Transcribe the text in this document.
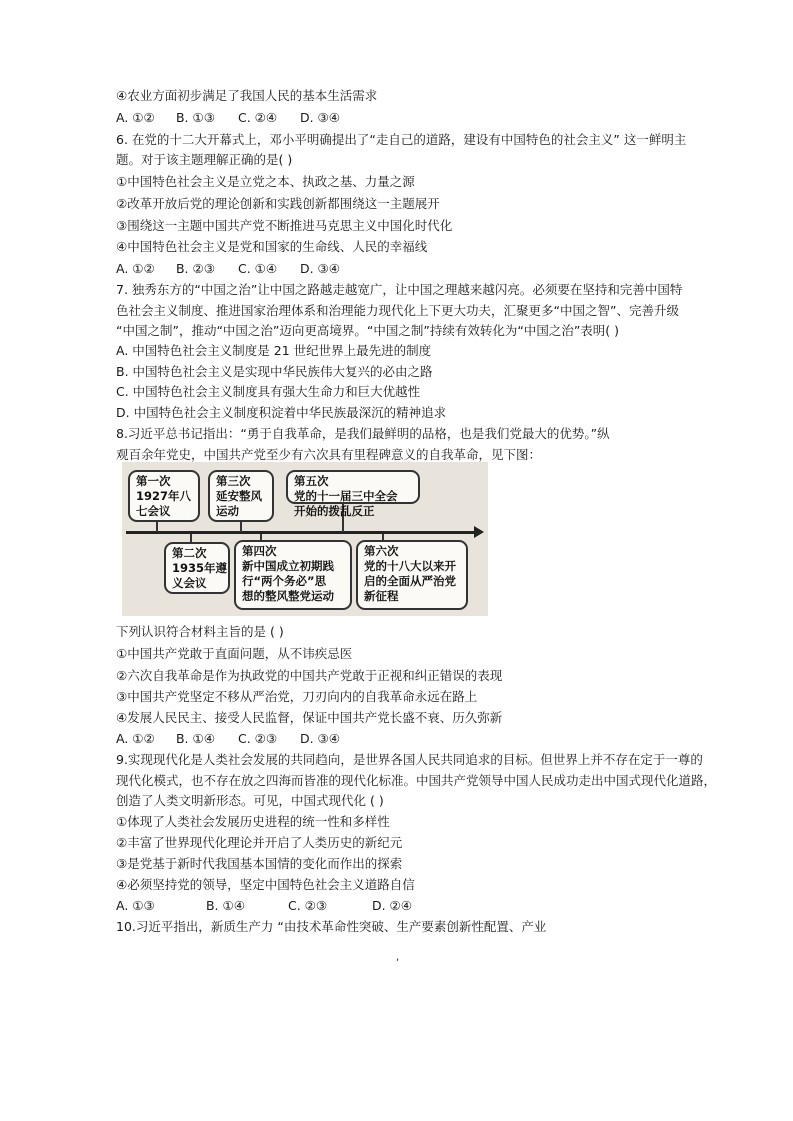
④农业方面初步满足了我国人民的基本生活需求
A. ①② B. ①③ C. ②④ D. ③④
6. 在党的十二大开幕式上，邓小平明确提出了“走自己的道路，建设有中国特色的社会主义” 这一鲜明主
题。对于该主题理解正确的是( )
①中国特色社会主义是立党之本、执政之基、力量之源
②改革开放后党的理论创新和实践创新都围绕这一主题展开
③围绕这一主题中国共产党不断推进马克思主义中国化时代化
④中国特色社会主义是党和国家的生命线、人民的幸福线
A. ①② B. ②③ C. ①④ D. ③④
7. 独秀东方的“中国之治”让中国之路越走越宽广，让中国之理越来越闪亮。必须要在坚持和完善中国特
色社会主义制度、推进国家治理体系和治理能力现代化上下更大功夫，汇聚更多“中国之智”、完善升级
“中国之制”，推动“中国之治”迈向更高境界。“中国之制”持续有效转化为“中国之治”表明( )
A. 中国特色社会主义制度是 21 世纪世界上最先进的制度
B. 中国特色社会主义是实现中华民族伟大复兴的必由之路
C. 中国特色社会主义制度具有强大生命力和巨大优越性
D. 中国特色社会主义制度积淀着中华民族最深沉的精神追求
8.习近平总书记指出：“勇于自我革命，是我们最鲜明的品格，也是我们党最大的优势。”纵
观百余年党史，中国共产党至少有六次具有里程碑意义的自我革命，见下图：
第一次
1927年八
七会议
第三次
延安整风
运动
第五次
党的十一届三中全会
开始的拨乱反正
第二次
1935年遵
义会议
第四次
新中国成立初期践
行“两个务必”思
想的整风整党运动
第六次
党的十八大以来开
启的全面从严治党
新征程
下列认识符合材料主旨的是 ( )
①中国共产党敢于直面问题，从不讳疾忌医
②六次自我革命是作为执政党的中国共产党敢于正视和纠正错误的表现
③中国共产党坚定不移从严治党，刀刃向内的自我革命永远在路上
④发展人民民主、接受人民监督，保证中国共产党长盛不衰、历久弥新
A. ①② B. ①④ C. ②③ D. ③④
9.实现现代化是人类社会发展的共同趋向，是世界各国人民共同追求的目标。但世界上并不存在定于一尊的
现代化模式，也不存在放之四海而皆准的现代化标准。中国共产党领导中国人民成功走出中国式现代化道路，
创造了人类文明新形态。可见，中国式现代化 ( )
①体现了人类社会发展历史进程的统一性和多样性
②丰富了世界现代化理论并开启了人类历史的新纪元
③是党基于新时代我国基本国情的变化而作出的探索
④必须坚持党的领导，坚定中国特色社会主义道路自信
A. ①③	B. ①④	C. ②③	D. ②④
10.习近平指出，新质生产力 “由技术革命性突破、生产要素创新性配置、产业
,
